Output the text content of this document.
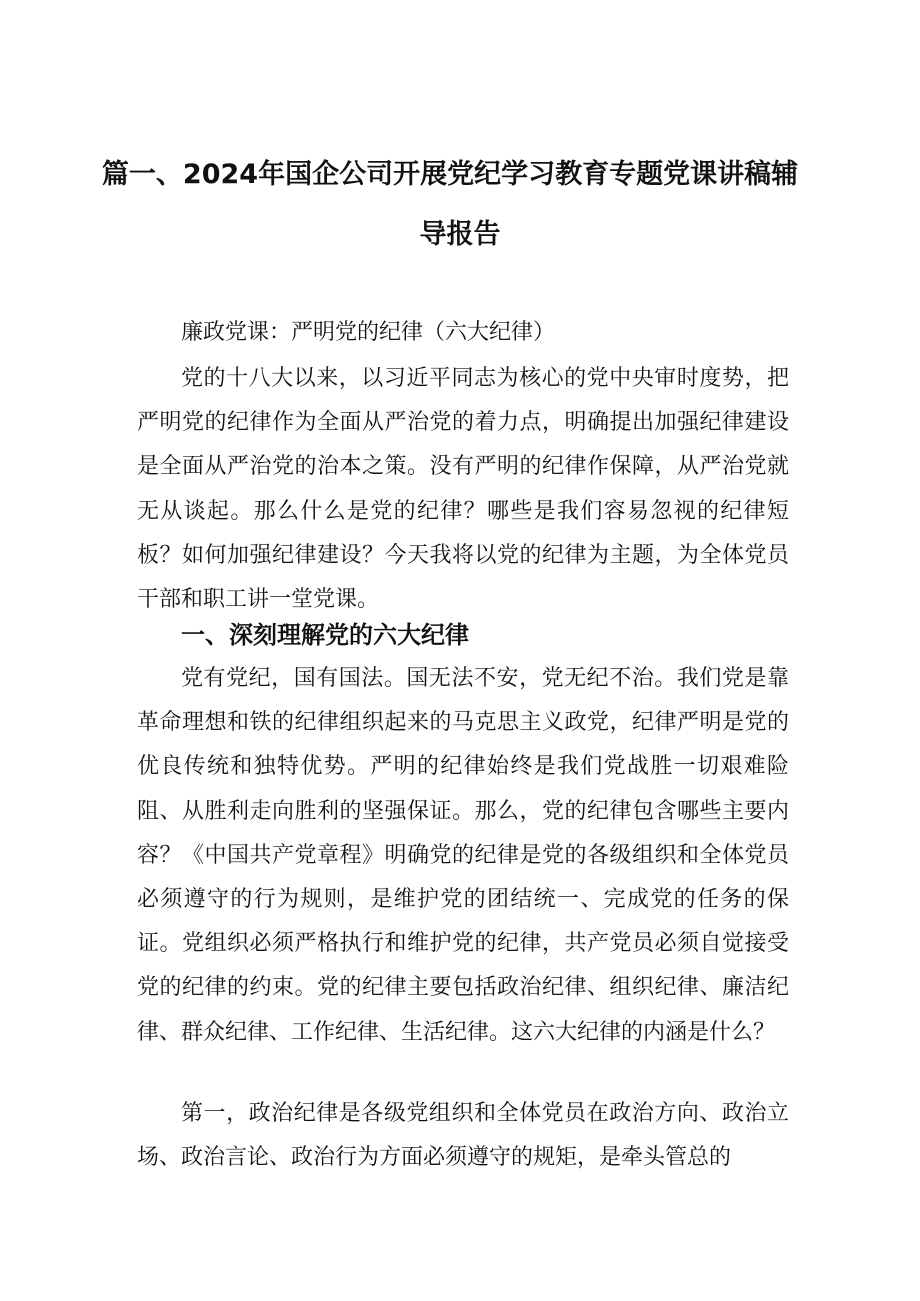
篇一、2024年国企公司开展党纪学习教育专题党课讲稿辅
导报告

廉政党课：严明党的纪律（六大纪律）

党的十八大以来，以习近平同志为核心的党中央审时度势，把严明党的纪律作为全面从严治党的着力点，明确提出加强纪律建设是全面从严治党的治本之策。没有严明的纪律作保障，从严治党就无从谈起。那么什么是党的纪律？哪些是我们容易忽视的纪律短板？如何加强纪律建设？今天我将以党的纪律为主题，为全体党员干部和职工讲一堂党课。

一、深刻理解党的六大纪律

党有党纪，国有国法。国无法不安，党无纪不治。我们党是靠革命理想和铁的纪律组织起来的马克思主义政党，纪律严明是党的优良传统和独特优势。严明的纪律始终是我们党战胜一切艰难险阻、从胜利走向胜利的坚强保证。那么，党的纪律包含哪些主要内容？《中国共产党章程》明确党的纪律是党的各级组织和全体党员必须遵守的行为规则，是维护党的团结统一、完成党的任务的保证。党组织必须严格执行和维护党的纪律，共产党员必须自觉接受党的纪律的约束。党的纪律主要包括政治纪律、组织纪律、廉洁纪律、群众纪律、工作纪律、生活纪律。这六大纪律的内涵是什么？

第一，政治纪律是各级党组织和全体党员在政治方向、政治立场、政治言论、政治行为方面必须遵守的规矩，是牵头管总的
